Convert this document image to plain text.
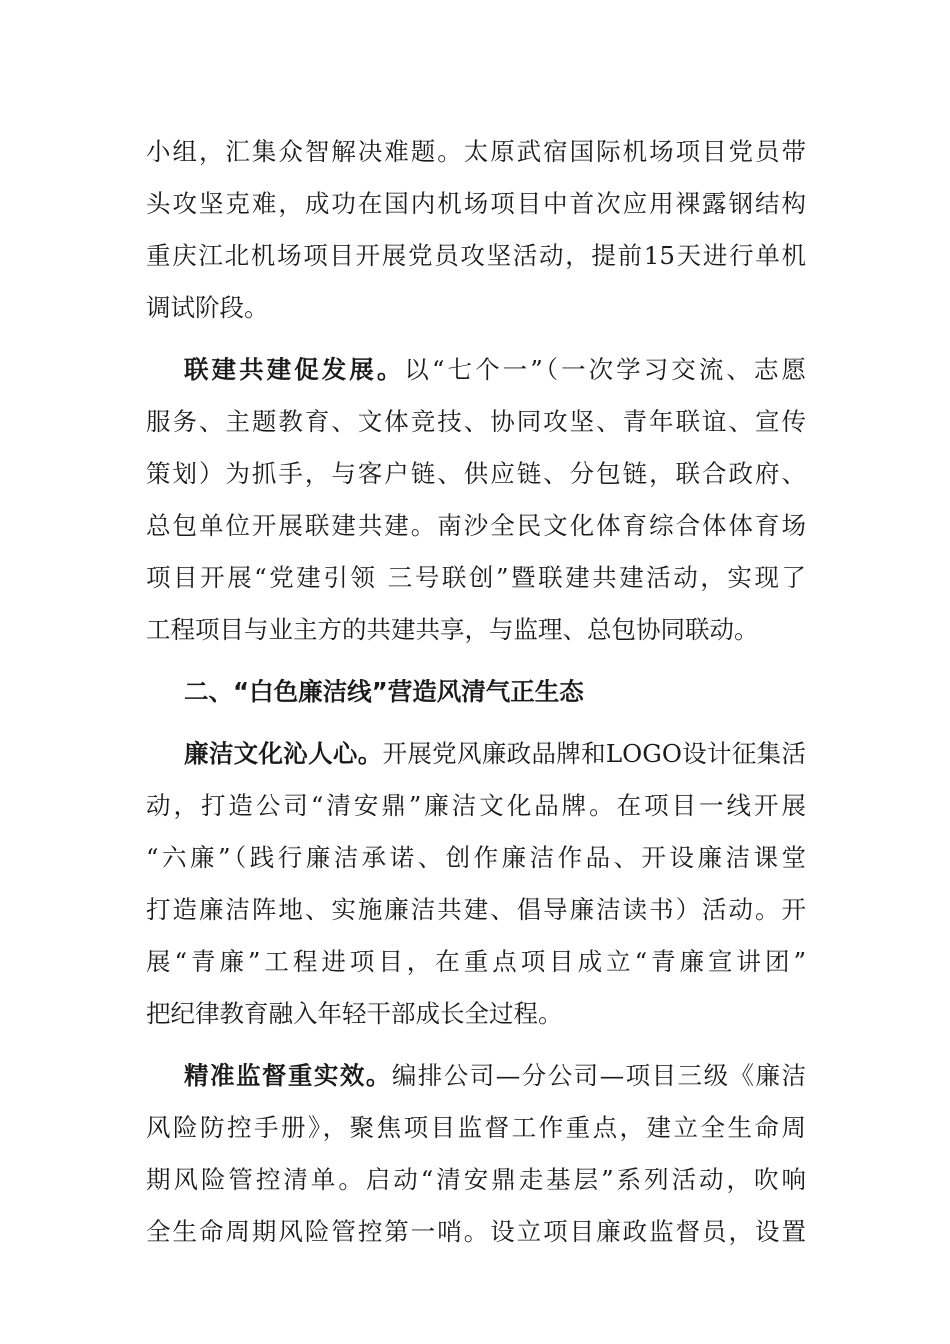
小组，汇集众智解决难题。太原武宿国际机场项目党员带
头攻坚克难，成功在国内机场项目中首次应用裸露钢结构
重庆江北机场项目开展党员攻坚活动，提前15天进行单机
调试阶段。
联建共建促发展。以“七个一”（一次学习交流、志愿
服务、主题教育、文体竞技、协同攻坚、青年联谊、宣传
策划）为抓手，与客户链、供应链、分包链，联合政府、
总包单位开展联建共建。南沙全民文化体育综合体体育场
项目开展“党建引领 三号联创”暨联建共建活动，实现了
工程项目与业主方的共建共享，与监理、总包协同联动。
二、“白色廉洁线”营造风清气正生态
廉洁文化沁人心。开展党风廉政品牌和LOGO设计征集活
动，打造公司“清安鼎”廉洁文化品牌。在项目一线开展
“六廉”（践行廉洁承诺、创作廉洁作品、开设廉洁课堂
打造廉洁阵地、实施廉洁共建、倡导廉洁读书）活动。开
展“青廉”工程进项目，在重点项目成立“青廉宣讲团”
把纪律教育融入年轻干部成长全过程。
精准监督重实效。编排公司—分公司—项目三级《廉洁
风险防控手册》，聚焦项目监督工作重点，建立全生命周
期风险管控清单。启动“清安鼎走基层”系列活动，吹响
全生命周期风险管控第一哨。设立项目廉政监督员，设置
